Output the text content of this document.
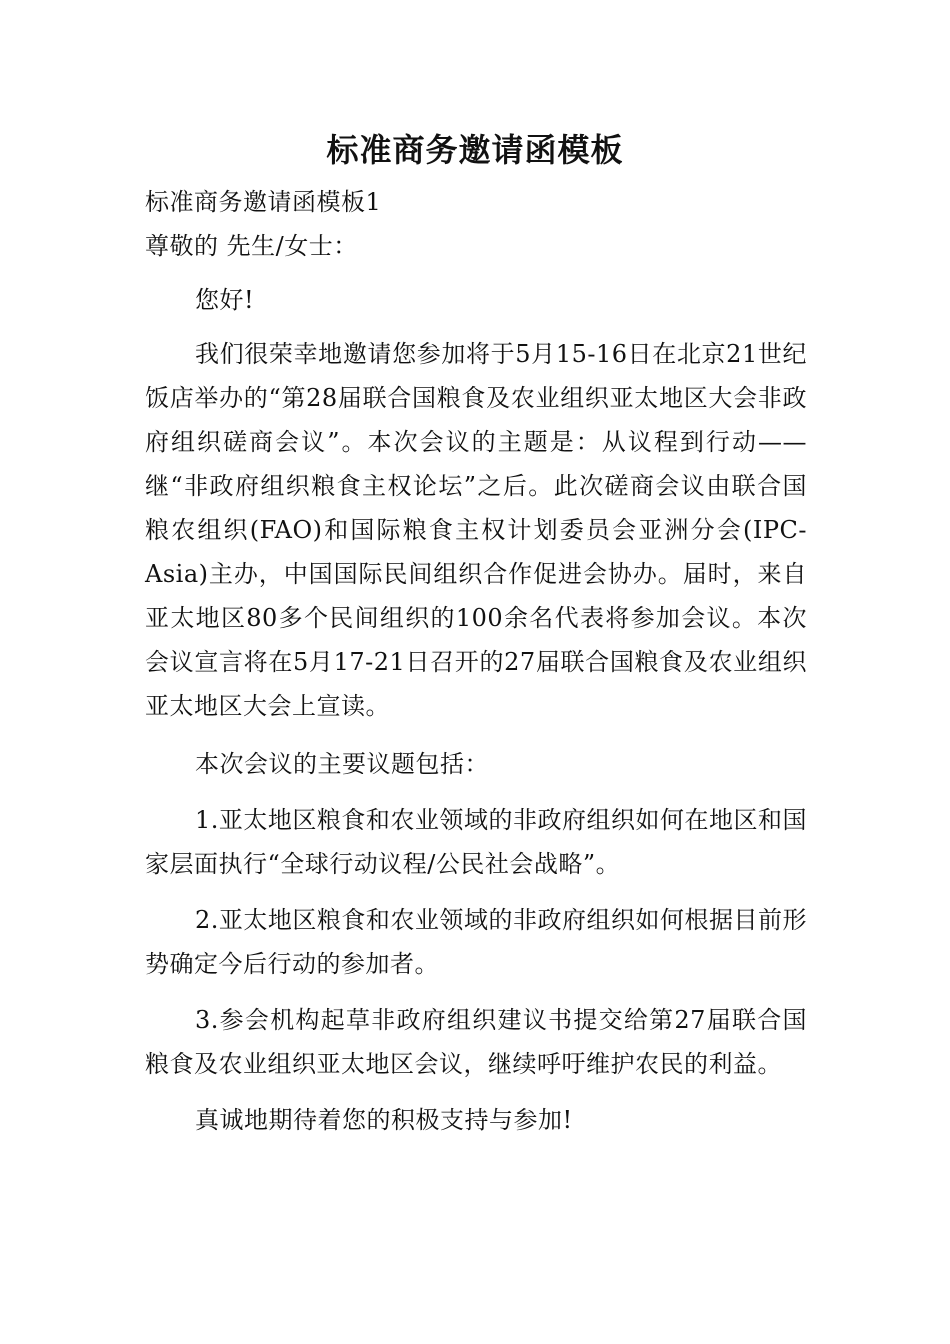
标准商务邀请函模板

标准商务邀请函模板1

尊敬的 先生/女士：

您好!

我们很荣幸地邀请您参加将于5月15-16日在北京21世纪饭店举办的“第28届联合国粮食及农业组织亚太地区大会非政府组织磋商会议”。本次会议的主题是：从议程到行动——继“非政府组织粮食主权论坛”之后。此次磋商会议由联合国粮农组织(FAO)和国际粮食主权计划委员会亚洲分会(IPC-Asia)主办，中国国际民间组织合作促进会协办。届时，来自亚太地区80多个民间组织的100余名代表将参加会议。本次会议宣言将在5月17-21日召开的27届联合国粮食及农业组织亚太地区大会上宣读。

本次会议的主要议题包括：

1.亚太地区粮食和农业领域的非政府组织如何在地区和国家层面执行“全球行动议程/公民社会战略”。

2.亚太地区粮食和农业领域的非政府组织如何根据目前形势确定今后行动的参加者。

3.参会机构起草非政府组织建议书提交给第27届联合国粮食及农业组织亚太地区会议，继续呼吁维护农民的利益。

真诚地期待着您的积极支持与参加!
